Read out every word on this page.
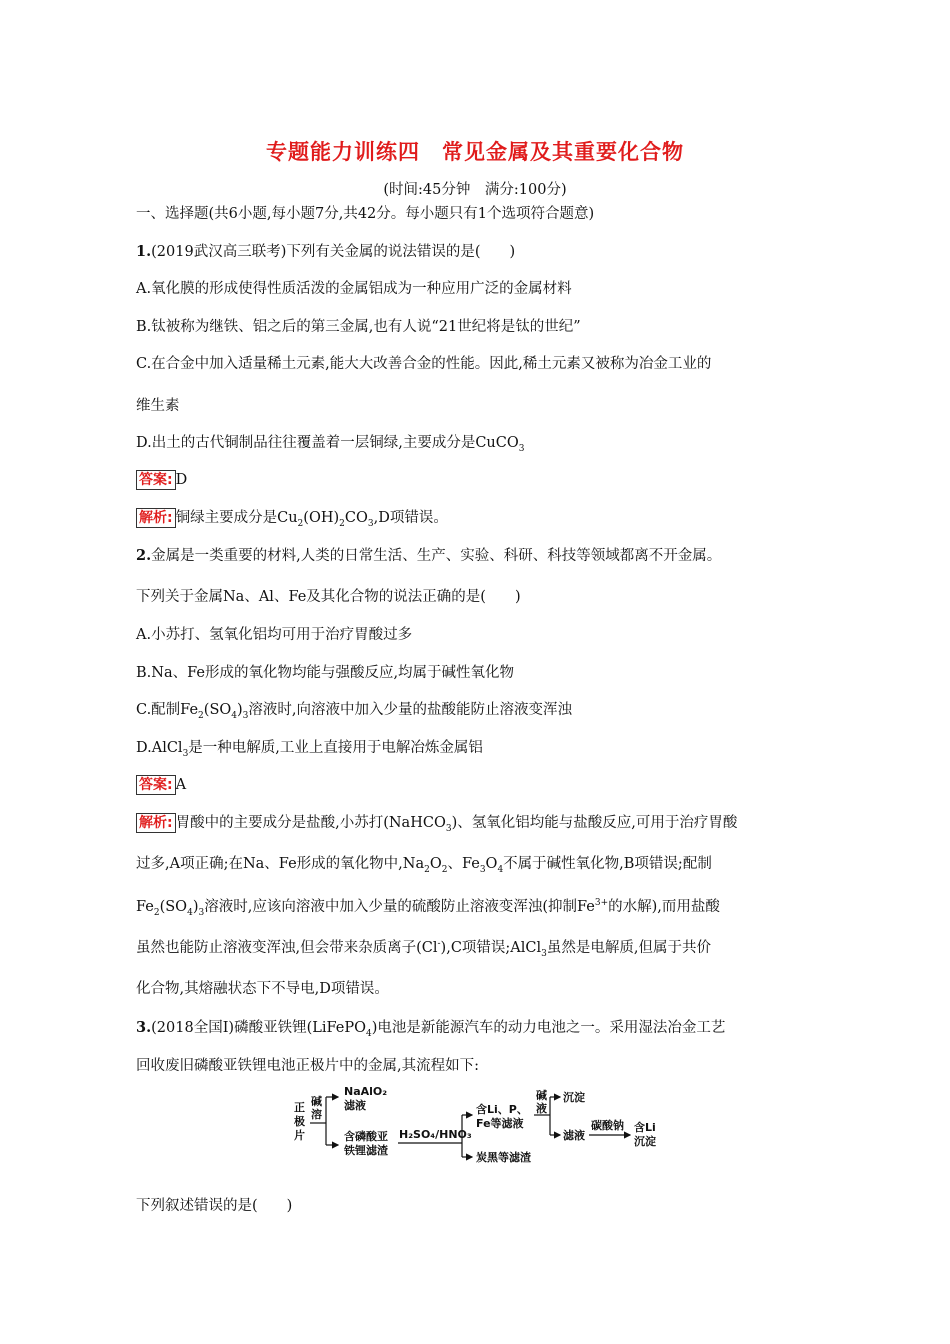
专题能力训练四　常见金属及其重要化合物
(时间:45分钟　满分:100分)
一、选择题(共6小题,每小题7分,共42分。每小题只有1个选项符合题意)
1.(2019武汉高三联考)下列有关金属的说法错误的是(　　)
A.氧化膜的形成使得性质活泼的金属铝成为一种应用广泛的金属材料
B.钛被称为继铁、铝之后的第三金属,也有人说“21世纪将是钛的世纪”
C.在合金中加入适量稀土元素,能大大改善合金的性能。因此,稀土元素又被称为冶金工业的
维生素
D.出土的古代铜制品往往覆盖着一层铜绿,主要成分是CuCO$_3$
答案: D
解析: 铜绿主要成分是$Cu_2(OH)_2CO_3,D$项错误。
2.金属是一类重要的材料,人类的日常生活、生产、实验、科研、科技等领域都离不开金属。
下列关于金属Na、Al、Fe及其化合物的说法正确的是(　　)
A.小苏打、氢氧化铝均可用于治疗胃酸过多
B.Na、Fe形成的氧化物均能与强酸反应,均属于碱性氧化物
C.配制$Fe_2(SO_4)_3$溶液时,向溶液中加入少量的盐酸能防止溶液变浑浊
D.AlCl$_3$是一种电解质,工业上直接用于电解冶炼金属铝
答案: A
解析: 胃酸中的主要成分是盐酸,小苏打(NaHCO$_3$)、氢氧化铝均能与盐酸反应,可用于治疗胃酸
过多,A项正确;在Na、Fe形成的氧化物中$,Na_2O_2$、$Fe_3O_4$不属于碱性氧化物,B项错误;配制
$Fe_2(SO_4)_3$溶液时,应该向溶液中加入少量的硫酸防止溶液变浑浊(抑制$Fe^{3+}$的水解),而用盐酸
虽然也能防止溶液变浑浊,但会带来杂质离子(Cl-),C项错误;AlCl$_3$虽然是电解质,但属于共价
化合物,其熔融状态下不导电,D项错误。
3.(2018全国Ⅰ)磷酸亚铁锂(LiFePO$_4$)电池是新能源汽车的动力电池之一。采用湿法冶金工艺
回收废旧磷酸亚铁锂电池正极片中的金属,其流程如下:
正
极
片
碱
溶
NaAlO₂
滤液
含磷酸亚
铁锂滤渣
H₂SO₄/HNO₃
含Li、P、
Fe等滤液
炭黑等滤渣
碱
液
沉淀
滤液
碳酸钠 含Li
沉淀
下列叙述错误的是(　　)
